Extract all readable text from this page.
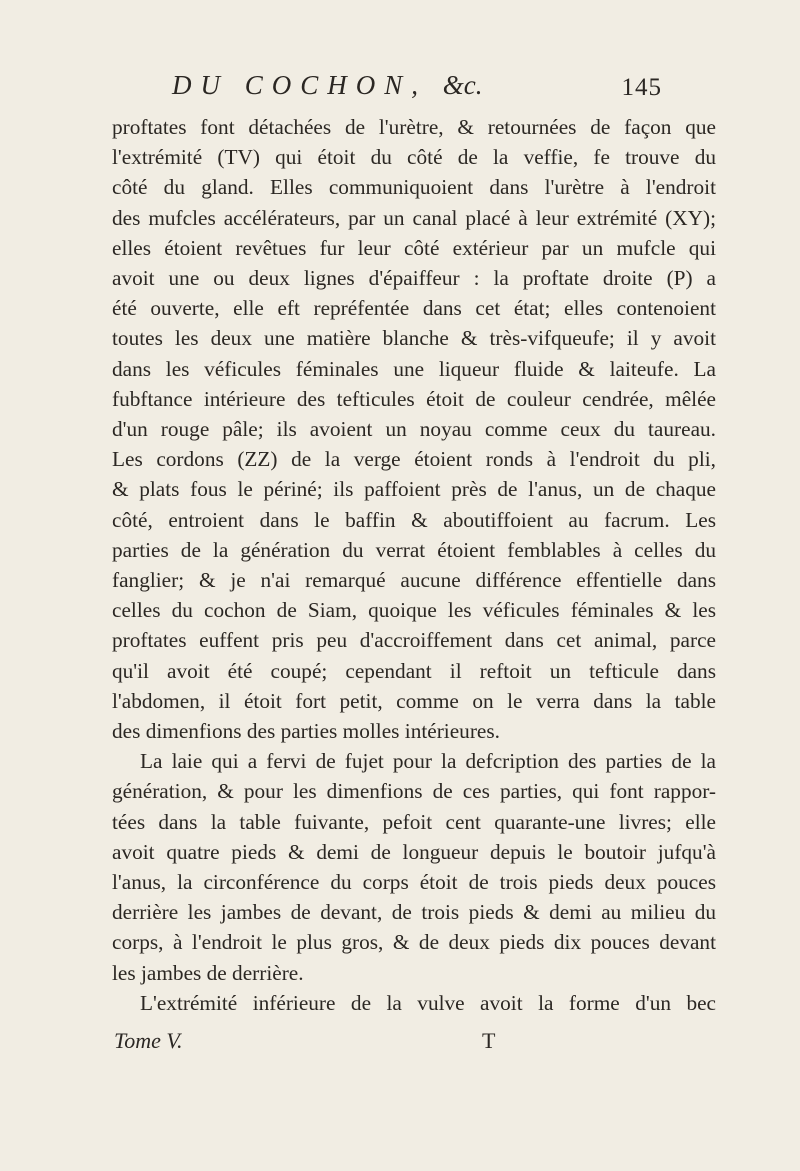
DU COCHON, &c.	145
proftates font détachées de l'urètre, & retournées de façon que
l'extrémité (TV) qui étoit du côté de la veffie, fe trouve du
côté du gland. Elles communiquoient dans l'urètre à l'endroit
des mufcles accélérateurs, par un canal placé à leur extrémité (XY);
elles étoient revêtues fur leur côté extérieur par un mufcle qui
avoit une ou deux lignes d'épaiffeur : la proftate droite (P) a
été ouverte, elle eft repréfentée dans cet état; elles contenoient
toutes les deux une matière blanche & très-vifqueufe; il y avoit
dans les véficules féminales une liqueur fluide & laiteufe. La
fubftance intérieure des tefticules étoit de couleur cendrée, mêlée
d'un rouge pâle; ils avoient un noyau comme ceux du taureau.
Les cordons (ZZ) de la verge étoient ronds à l'endroit du pli,
& plats fous le périné; ils paffoient près de l'anus, un de chaque
côté, entroient dans le baffin & aboutiffoient au facrum. Les
parties de la génération du verrat étoient femblables à celles du
fanglier; & je n'ai remarqué aucune différence effentielle dans
celles du cochon de Siam, quoique les véficules féminales & les
proftates euffent pris peu d'accroiffement dans cet animal, parce
qu'il avoit été coupé; cependant il reftoit un tefticule dans
l'abdomen, il étoit fort petit, comme on le verra dans la table
des dimenfions des parties molles intérieures.
La laie qui a fervi de fujet pour la defcription des parties de la
génération, & pour les dimenfions de ces parties, qui font rappor-
tées dans la table fuivante, pefoit cent quarante-une livres; elle
avoit quatre pieds & demi de longueur depuis le boutoir jufqu'à
l'anus, la circonférence du corps étoit de trois pieds deux pouces
derrière les jambes de devant, de trois pieds & demi au milieu du
corps, à l'endroit le plus gros, & de deux pieds dix pouces devant
les jambes de derrière.
L'extrémité inférieure de la vulve avoit la forme d'un bec
Tome V.	T
